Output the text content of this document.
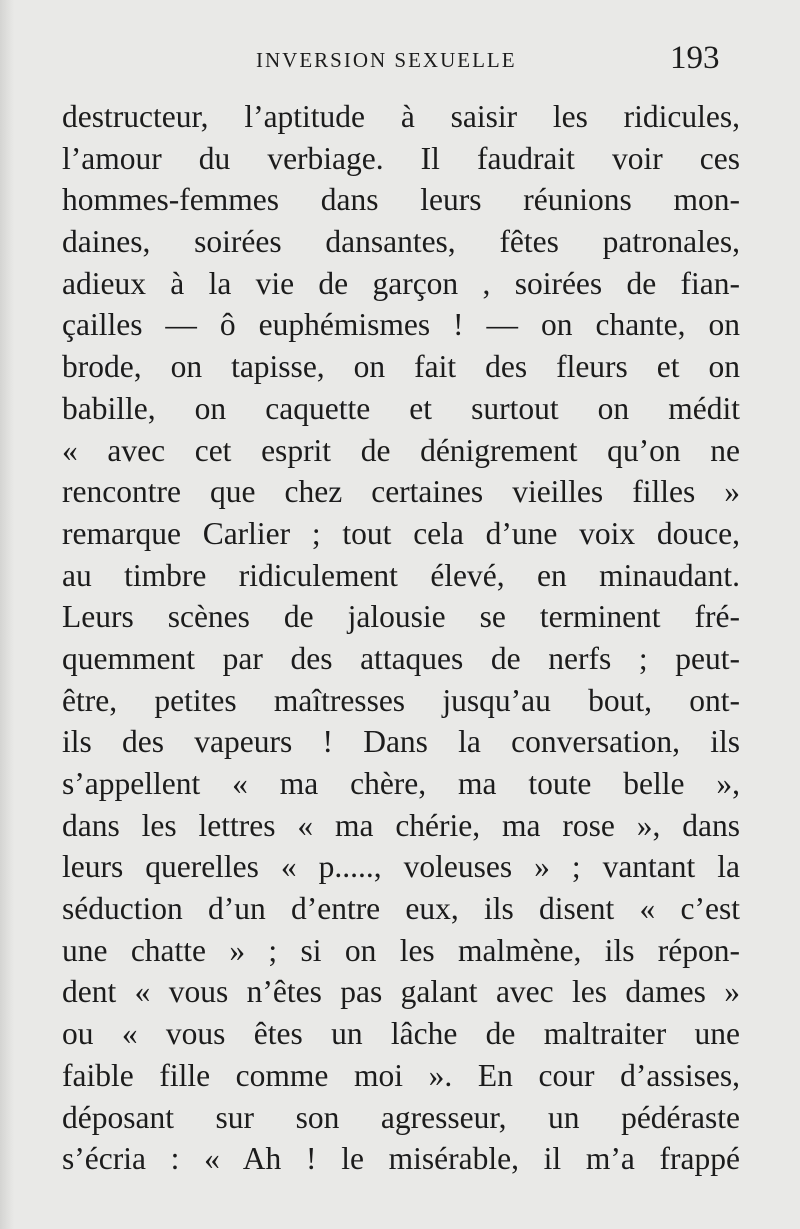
INVERSION SEXUELLE	193
destructeur, l’aptitude à saisir les ridicules,
l’amour du verbiage. Il faudrait voir ces
hommes-femmes dans leurs réunions mon-
daines, soirées dansantes, fêtes patronales,
adieux à la vie de garçon , soirées de fian-
çailles — ô euphémismes ! — on chante, on
brode, on tapisse, on fait des fleurs et on
babille, on caquette et surtout on médit
« avec cet esprit de dénigrement qu’on ne
rencontre que chez certaines vieilles filles »
remarque Carlier ; tout cela d’une voix douce,
au timbre ridiculement élevé, en minaudant.
Leurs scènes de jalousie se terminent fré-
quemment par des attaques de nerfs ; peut-
être, petites maîtresses jusqu’au bout, ont-
ils des vapeurs ! Dans la conversation, ils
s’appellent « ma chère, ma toute belle »,
dans les lettres « ma chérie, ma rose », dans
leurs querelles « p....., voleuses » ; vantant la
séduction d’un d’entre eux, ils disent « c’est
une chatte » ; si on les malmène, ils répon-
dent « vous n’êtes pas galant avec les dames »
ou « vous êtes un lâche de maltraiter une
faible fille comme moi ». En cour d’assises,
déposant sur son agresseur, un pédéraste
s’écria : « Ah ! le misérable, il m’a frappé
